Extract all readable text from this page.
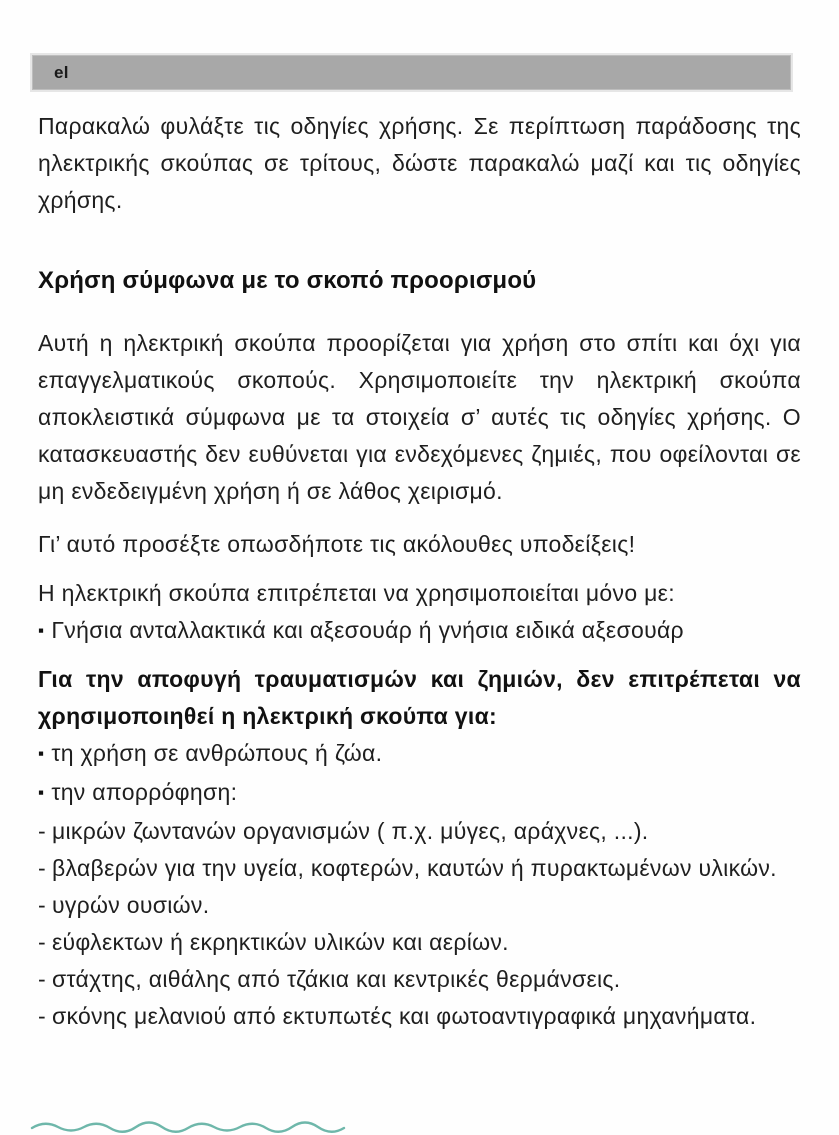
el

Παρακαλώ φυλάξτε τις οδηγίες χρήσης. Σε περίπτωση παράδοσης της ηλεκτρικής σκούπας σε τρίτους, δώστε παρακαλώ μαζί και τις οδηγίες χρήσης.

Χρήση σύμφωνα με το σκοπό προορισμού

Αυτή η ηλεκτρική σκούπα προορίζεται για χρήση στο σπίτι και όχι για επαγγελματικούς σκοπούς. Χρησιμοποιείτε την ηλεκτρική σκούπα αποκλειστικά σύμφωνα με τα στοιχεία σ’ αυτές τις οδηγίες χρήσης. Ο κατασκευαστής δεν ευθύνεται για ενδεχόμενες ζημιές, που οφείλονται σε μη ενδεδειγμένη χρήση ή σε λάθος χειρισμό.

Γι’ αυτό προσέξτε οπωσδήποτε τις ακόλουθες υποδείξεις!

Η ηλεκτρική σκούπα επιτρέπεται να χρησιμοποιείται μόνο με:

▪ Γνήσια ανταλλακτικά και αξεσουάρ ή γνήσια ειδικά αξεσουάρ

Για την αποφυγή τραυματισμών και ζημιών, δεν επιτρέπεται να χρησιμοποιηθεί η ηλεκτρική σκούπα για:

▪ τη χρήση σε ανθρώπους ή ζώα.

▪ την απορρόφηση:

- μικρών ζωντανών οργανισμών ( π.χ. μύγες, αράχνες, ...).

- βλαβερών για την υγεία, κοφτερών, καυτών ή πυρακτωμένων υλικών.

- υγρών ουσιών.

- εύφλεκτων ή εκρηκτικών υλικών και αερίων.

- στάχτης, αιθάλης από τζάκια και κεντρικές θερμάνσεις.

- σκόνης μελανιού από εκτυπωτές και φωτοαντιγραφικά μηχανήματα.
